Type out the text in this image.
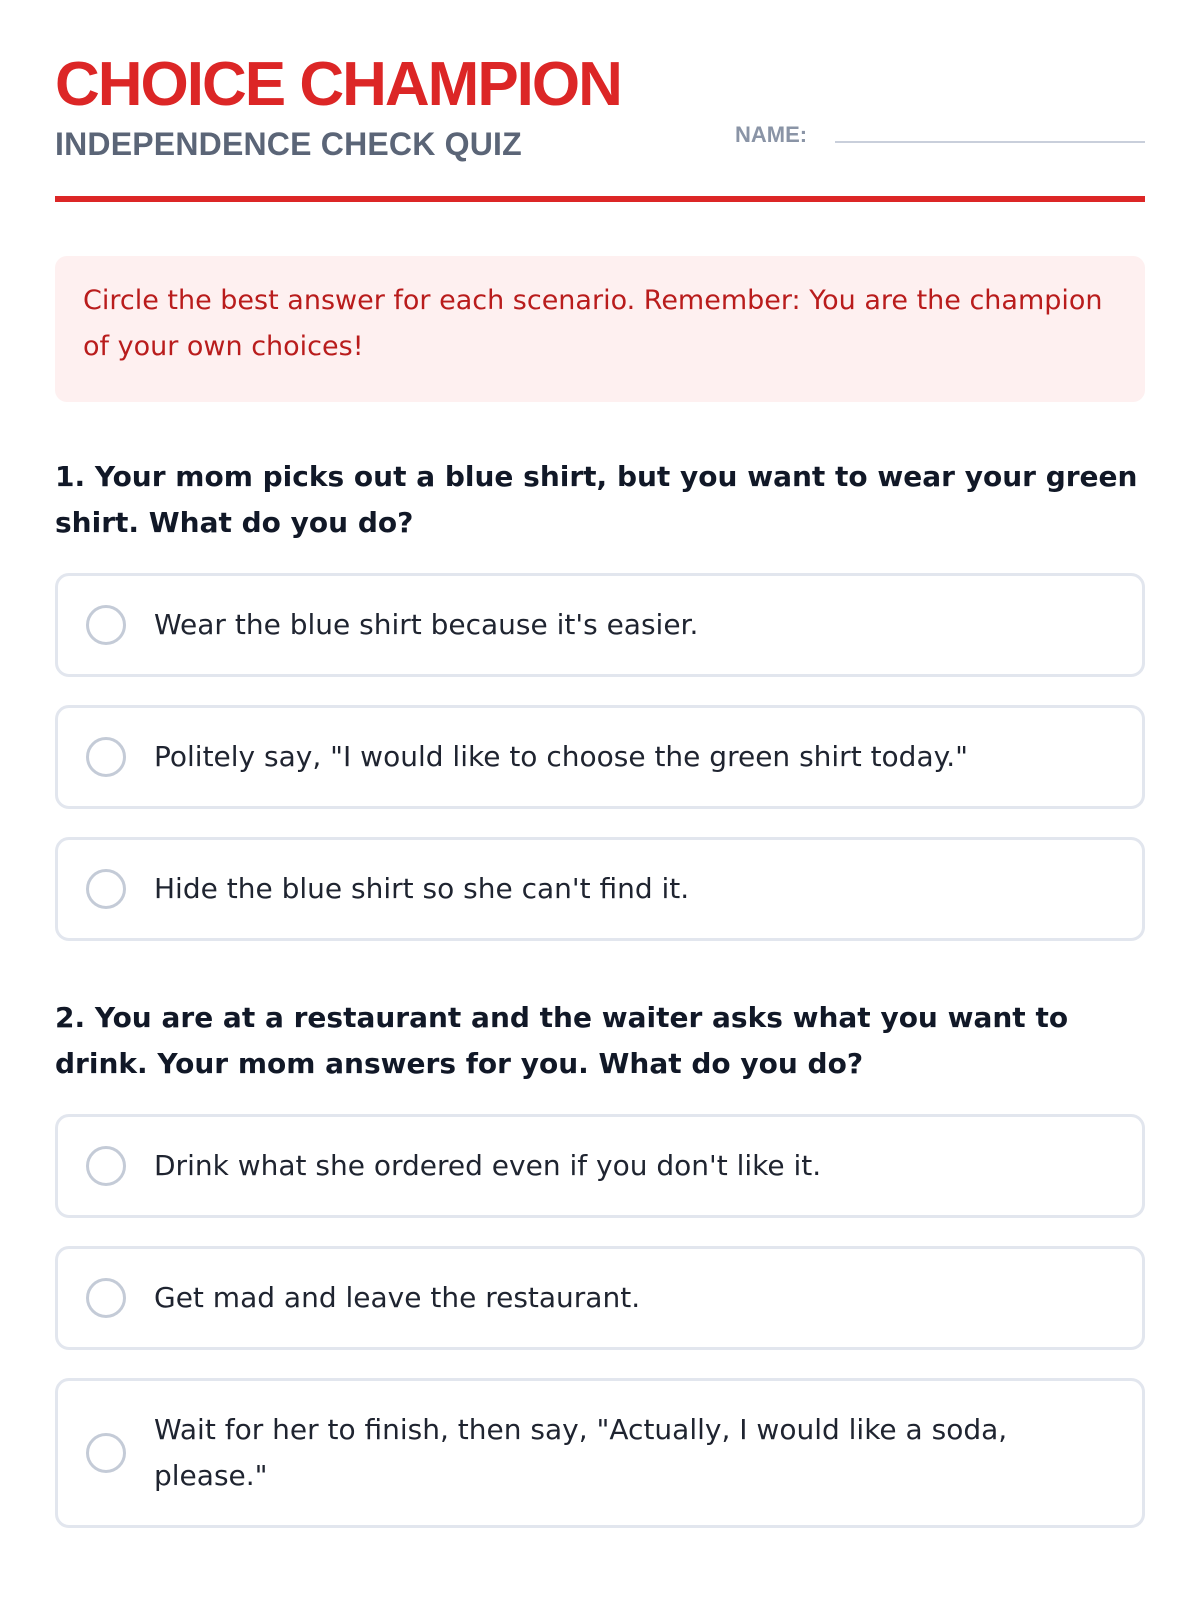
CHOICE CHAMPION
INDEPENDENCE CHECK QUIZ	NAME:
Circle the best answer for each scenario. Remember: You are the champion of your own choices!
1. Your mom picks out a blue shirt, but you want to wear your green shirt. What do you do?
Wear the blue shirt because it's easier.
Politely say, "I would like to choose the green shirt today."
Hide the blue shirt so she can't find it.
2. You are at a restaurant and the waiter asks what you want to drink. Your mom answers for you. What do you do?
Drink what she ordered even if you don't like it.
Get mad and leave the restaurant.
Wait for her to finish, then say, "Actually, I would like a soda, please."
